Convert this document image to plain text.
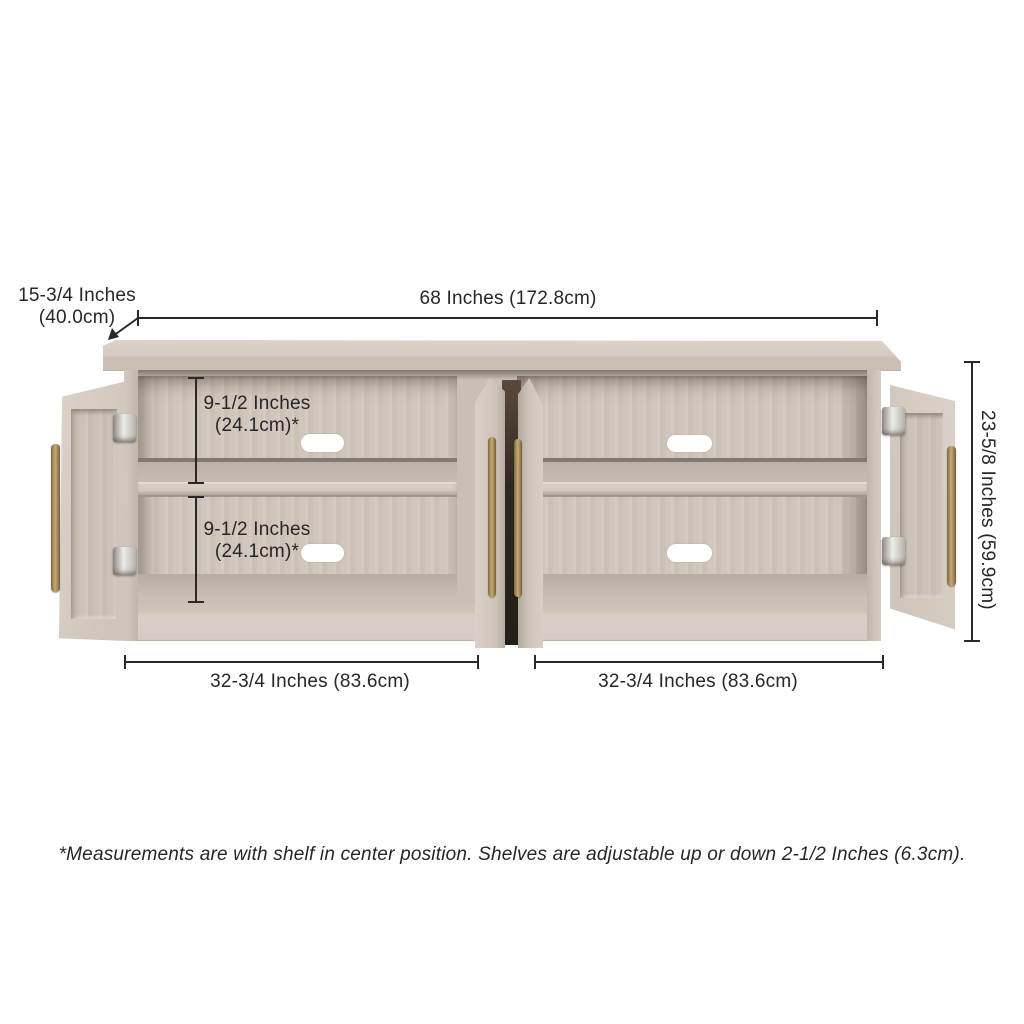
15-3/4 Inches
(40.0cm)
68 Inches (172.8cm)
9-1/2 Inches
(24.1cm)*
9-1/2 Inches
(24.1cm)*	23-5/8 Inches (59.9cm)
32-3/4 Inches (83.6cm)	32-3/4 Inches (83.6cm)
*Measurements are with shelf in center position. Shelves are adjustable up or down 2-1/2 Inches (6.3cm).
